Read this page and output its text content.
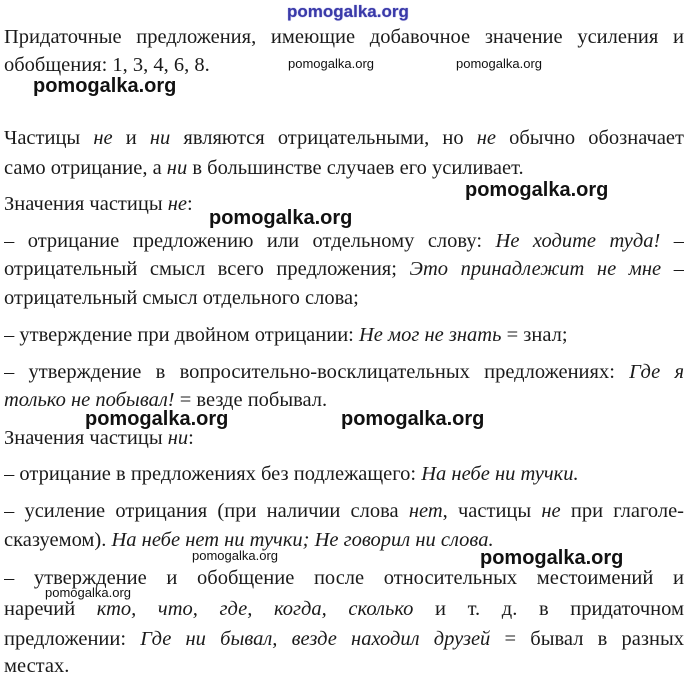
pomogalka.org
Придаточные предложения, имеющие добавочное значение усиления и
обобщения: 1, 3, 4, 6, 8.	pomogalka.org	pomogalka.org
pomogalka.org
Частицы не и ни являются отрицательными, но не обычно обозначает
само отрицание, а ни в большинстве случаев его усиливает.
pomogalka.org
Значения частицы не:
pomogalka.org
– отрицание предложению или отдельному слову: Не ходите туда! –
отрицательный смысл всего предложения; Это принадлежит не мне –
отрицательный смысл отдельного слова;
– утверждение при двойном отрицании: Не мог не знать = знал;
– утверждение в вопросительно-восклицательных предложениях: Где я
только не побывал! = везде побывал.
pomogalka.org	pomogalka.org
Значения частицы ни:
– отрицание в предложениях без подлежащего: На небе ни тучки.
– усиление отрицания (при наличии слова нет, частицы не при глаголе-
сказуемом). На небе нет ни тучки; Не говорил ни слова.
pomogalka.org	pomogalka.org
– утверждение и обобщение после относительных местоимений и
pomogalka.org
наречий кто, что, где, когда, сколько и т. д. в придаточном
предложении: Где ни бывал, везде находил друзей = бывал в разных
местах.
